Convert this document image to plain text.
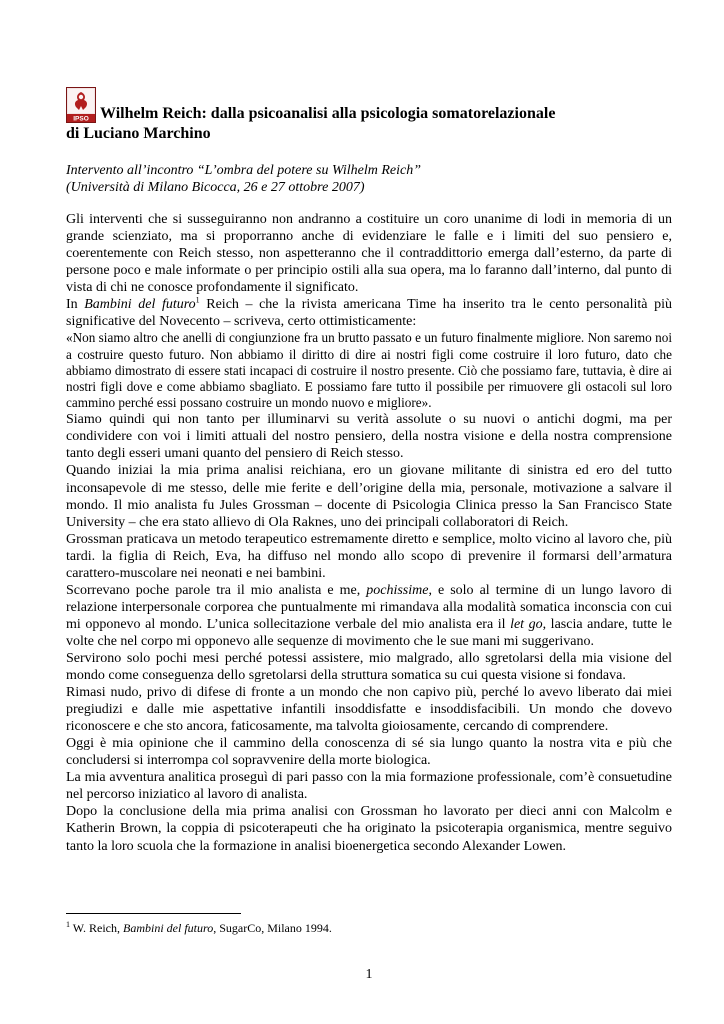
IPSO Wilhelm Reich: dalla psicoanalisi alla psicologia somatorelazionale
di Luciano Marchino
Intervento all’incontro “L’ombra del potere su Wilhelm Reich”
(Università di Milano Bicocca, 26 e 27 ottobre 2007)

Gli interventi che si susseguiranno non andranno a costituire un coro unanime di lodi in memoria di un grande scienziato, ma si proporranno anche di evidenziare le falle e i limiti del suo pensiero e, coerentemente con Reich stesso, non aspetteranno che il contraddittorio emerga dall’esterno, da parte di persone poco e male informate o per principio ostili alla sua opera, ma lo faranno dall’interno, dal punto di vista di chi ne conosce profondamente il significato.

In Bambini del futuro$^1$ Reich – che la rivista americana Time ha inserito tra le cento personalità più significative del Novecento – scriveva, certo ottimisticamente:

«Non siamo altro che anelli di congiunzione fra un brutto passato e un futuro finalmente migliore. Non saremo noi a costruire questo futuro. Non abbiamo il diritto di dire ai nostri figli come costruire il loro futuro, dato che abbiamo dimostrato di essere stati incapaci di costruire il nostro presente. Ciò che possiamo fare, tuttavia, è dire ai nostri figli dove e come abbiamo sbagliato. E possiamo fare tutto il possibile per rimuovere gli ostacoli sul loro cammino perché essi possano costruire un mondo nuovo e migliore».

Siamo quindi qui non tanto per illuminarvi su verità assolute o su nuovi o antichi dogmi, ma per condividere con voi i limiti attuali del nostro pensiero, della nostra visione e della nostra comprensione tanto degli esseri umani quanto del pensiero di Reich stesso.

Quando iniziai la mia prima analisi reichiana, ero un giovane militante di sinistra ed ero del tutto inconsapevole di me stesso, delle mie ferite e dell’origine della mia, personale, motivazione a salvare il mondo. Il mio analista fu Jules Grossman – docente di Psicologia Clinica presso la San Francisco State University – che era stato allievo di Ola Raknes, uno dei principali collaboratori di Reich.

Grossman praticava un metodo terapeutico estremamente diretto e semplice, molto vicino al lavoro che, più tardi. la figlia di Reich, Eva, ha diffuso nel mondo allo scopo di prevenire il formarsi dell’armatura carattero-muscolare nei neonati e nei bambini.

Scorrevano poche parole tra il mio analista e me, pochissime, e solo al termine di un lungo lavoro di relazione interpersonale corporea che puntualmente mi rimandava alla modalità somatica inconscia con cui mi opponevo al mondo. L’unica sollecitazione verbale del mio analista era il let go, lascia andare, tutte le volte che nel corpo mi opponevo alle sequenze di movimento che le sue mani mi suggerivano.

Servirono solo pochi mesi perché potessi assistere, mio malgrado, allo sgretolarsi della mia visione del mondo come conseguenza dello sgretolarsi della struttura somatica su cui questa visione si fondava.

Rimasi nudo, privo di difese di fronte a un mondo che non capivo più, perché lo avevo liberato dai miei pregiudizi e dalle mie aspettative infantili insoddisfatte e insoddisfacibili. Un mondo che dovevo riconoscere e che sto ancora, faticosamente, ma talvolta gioiosamente, cercando di comprendere.

Oggi è mia opinione che il cammino della conoscenza di sé sia lungo quanto la nostra vita e più che concludersi si interrompa col sopravvenire della morte biologica.

La mia avventura analitica proseguì di pari passo con la mia formazione professionale, com’è consuetudine nel percorso iniziatico al lavoro di analista.

Dopo la conclusione della mia prima analisi con Grossman ho lavorato per dieci anni con Malcolm e Katherin Brown, la coppia di psicoterapeuti che ha originato la psicoterapia organismica, mentre seguivo tanto la loro scuola che la formazione in analisi bioenergetica secondo Alexander Lowen.

$^1$ W. Reich, Bambini del futuro, SugarCo, Milano 1994.
1
